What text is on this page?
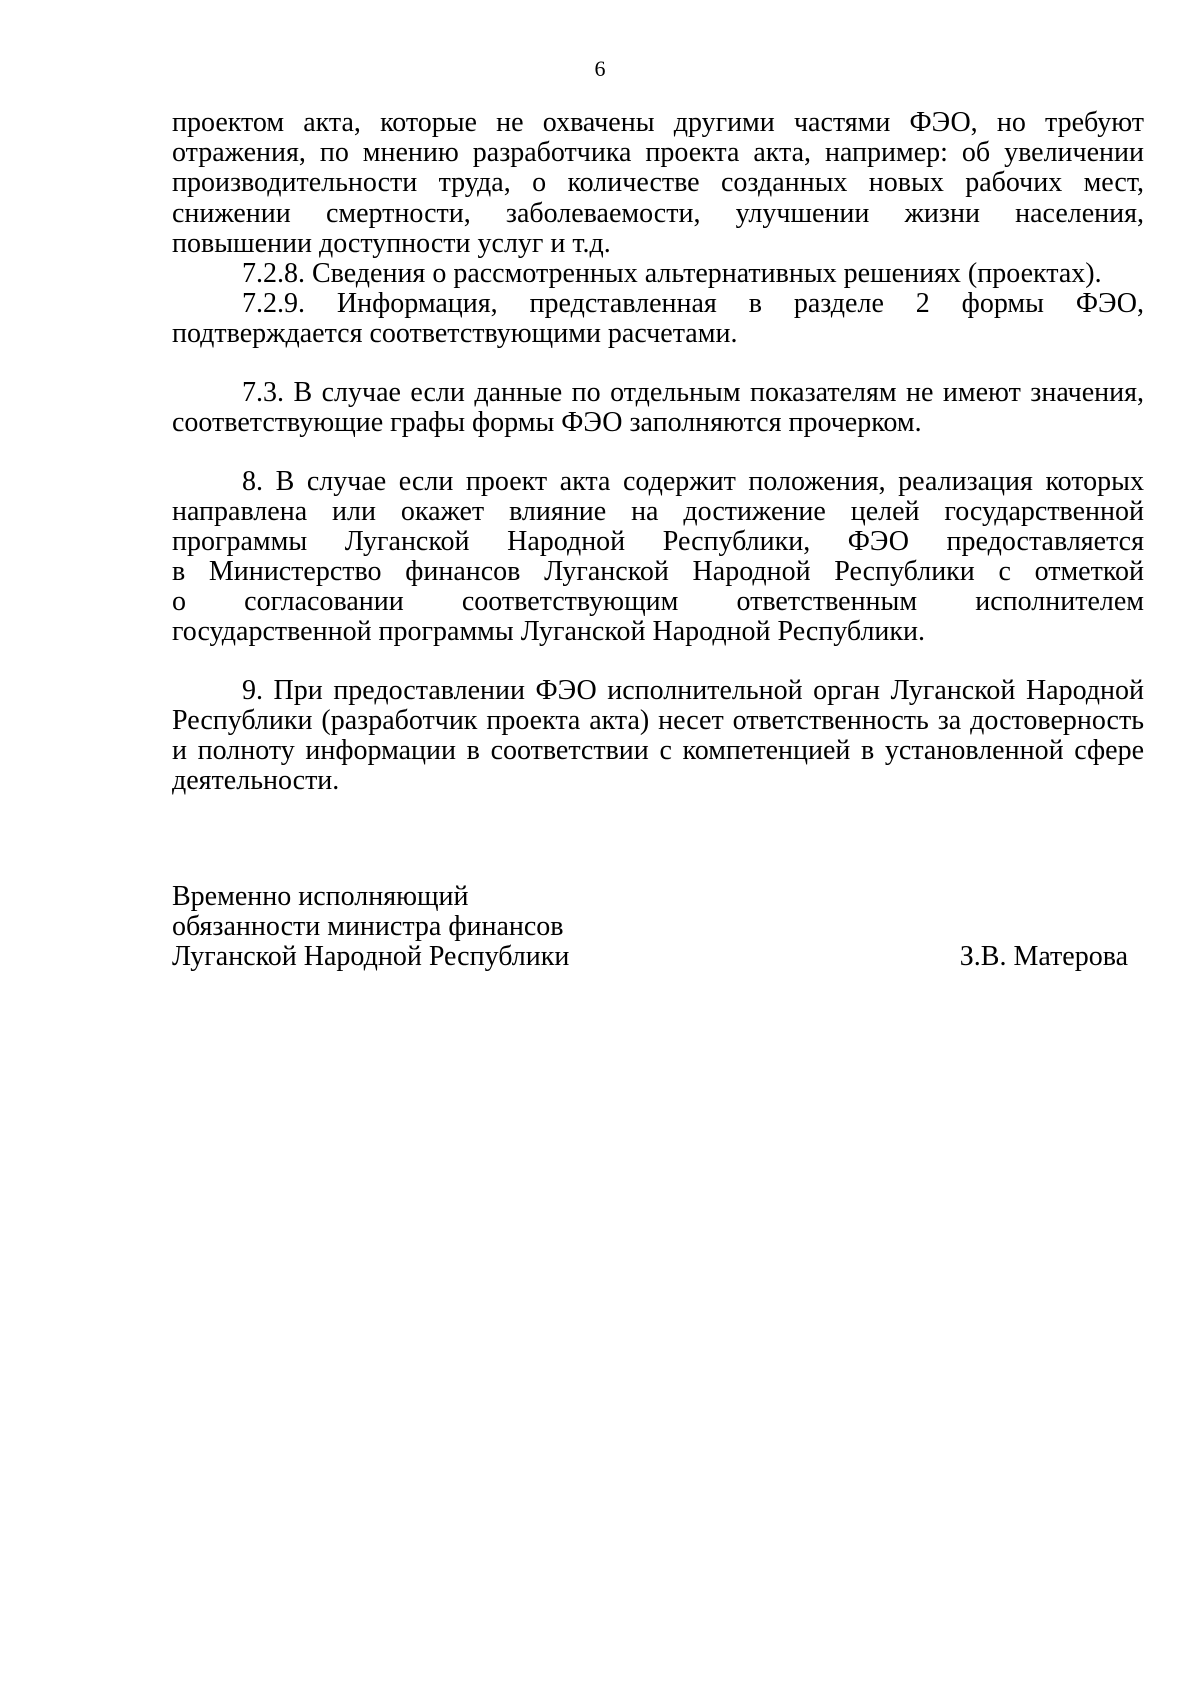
6
проектом акта, которые не охвачены другими частями ФЭО, но требуют
отражения, по мнению разработчика проекта акта, например: об увеличении
производительности труда, о количестве созданных новых рабочих мест,
снижении смертности, заболеваемости, улучшении жизни населения,
повышении доступности услуг и т.д.
7.2.8. Сведения о рассмотренных альтернативных решениях (проектах).
7.2.9. Информация, представленная в разделе 2 формы ФЭО,
подтверждается соответствующими расчетами.
7.3. В случае если данные по отдельным показателям не имеют значения,
соответствующие графы формы ФЭО заполняются прочерком.
8. В случае если проект акта содержит положения, реализация которых
направлена или окажет влияние на достижение целей государственной
программы Луганской Народной Республики, ФЭО предоставляется
в Министерство финансов Луганской Народной Республики с отметкой
о согласовании соответствующим ответственным исполнителем
государственной программы Луганской Народной Республики.
9. При предоставлении ФЭО исполнительной орган Луганской Народной
Республики (разработчик проекта акта) несет ответственность за достоверность
и полноту информации в соответствии с компетенцией в установленной сфере
деятельности.
Временно исполняющий
обязанности министра финансов
Луганской Народной Республики	З.В. Матерова
